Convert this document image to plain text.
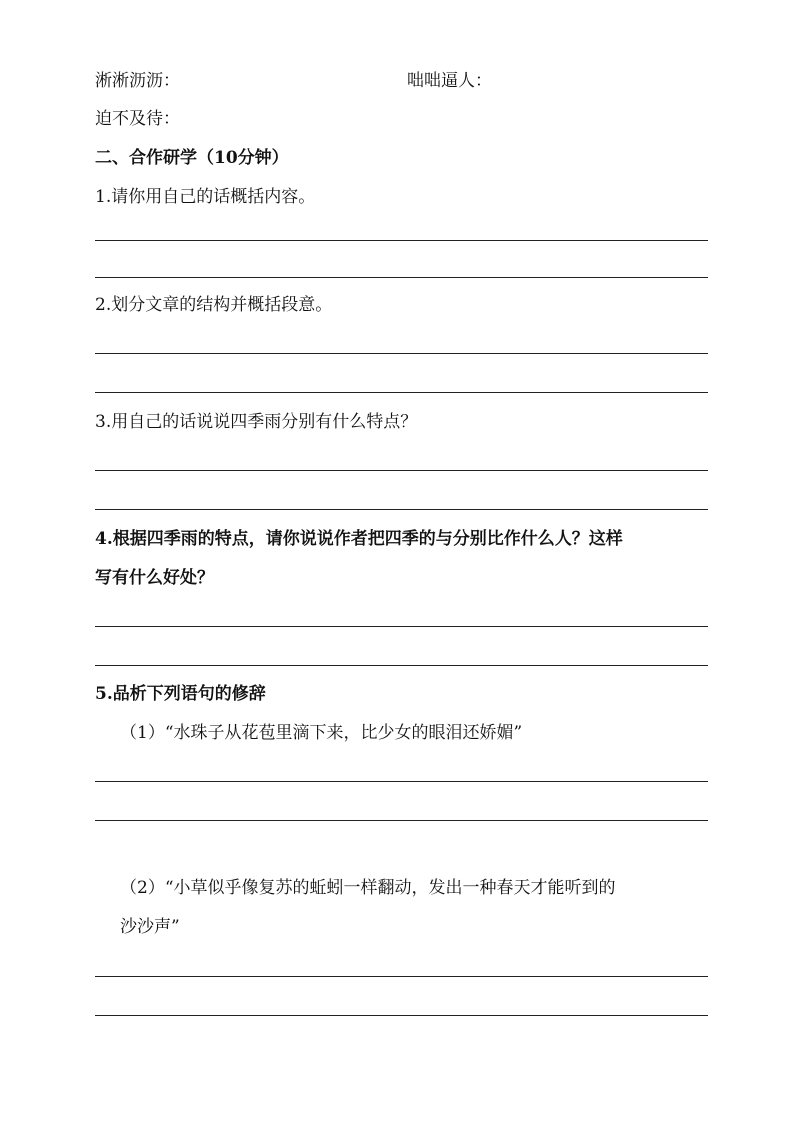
淅淅沥沥：	咄咄逼人：
迫不及待：
二、合作研学（10分钟）
1.请你用自己的话概括内容。
2.划分文章的结构并概括段意。
3.用自己的话说说四季雨分别有什么特点？
4.根据四季雨的特点，请你说说作者把四季的与分别比作什么人？这样
写有什么好处？
5.品析下列语句的修辞
（1）“水珠子从花苞里滴下来，比少女的眼泪还娇媚”
（2）“小草似乎像复苏的蚯蚓一样翻动，发出一种春天才能听到的
沙沙声”
